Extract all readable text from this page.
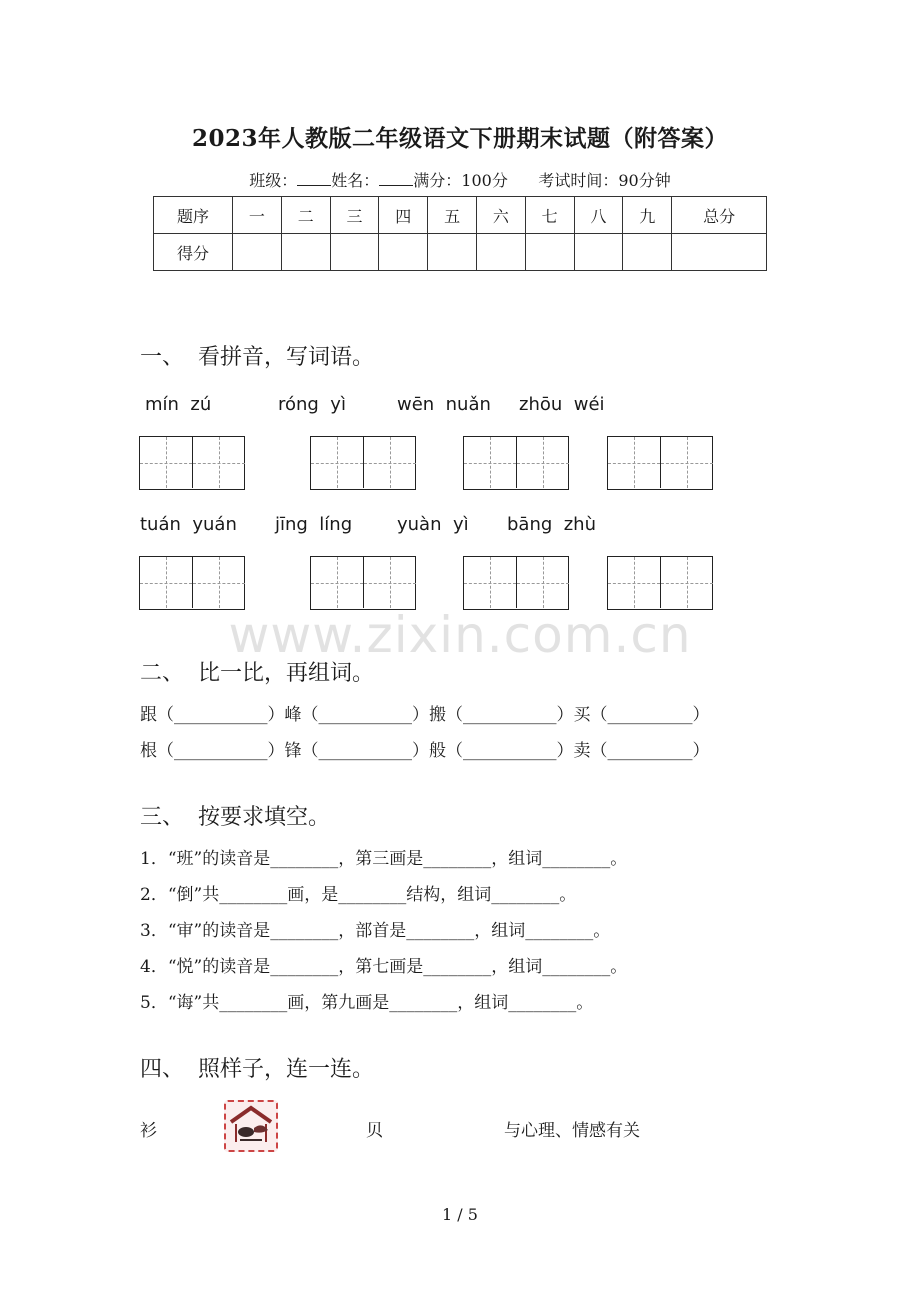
2023年人教版二年级语文下册期末试题（附答案）
班级： 姓名： 满分：100分 考试时间：90分钟
题序	一	二	三	四	五	六	七	八	九	总分
得分										
一、  看拼音，写词语。
mín  zú	róng  yì	wēn  nuǎn zhōu  wéi
tuán  yuán jīng  líng yuàn  yì bāng  zhù
www.zixin.com.cn
二、  比一比，再组词。
跟（___________）峰（___________）搬（___________）买（__________）
根（___________）锋（___________）般（___________）卖（__________）
三、  按要求填空。
1．“班”的读音是________，第三画是________，组词________。
2．“倒”共________画，是________结构，组词________。
3．“审”的读音是________，部首是________，组词________。
4．“悦”的读音是________，第七画是________，组词________。
5．“诲”共________画，第九画是________，组词________。
四、  照样子，连一连。
衫	贝	与心理、情感有关
1 / 5
